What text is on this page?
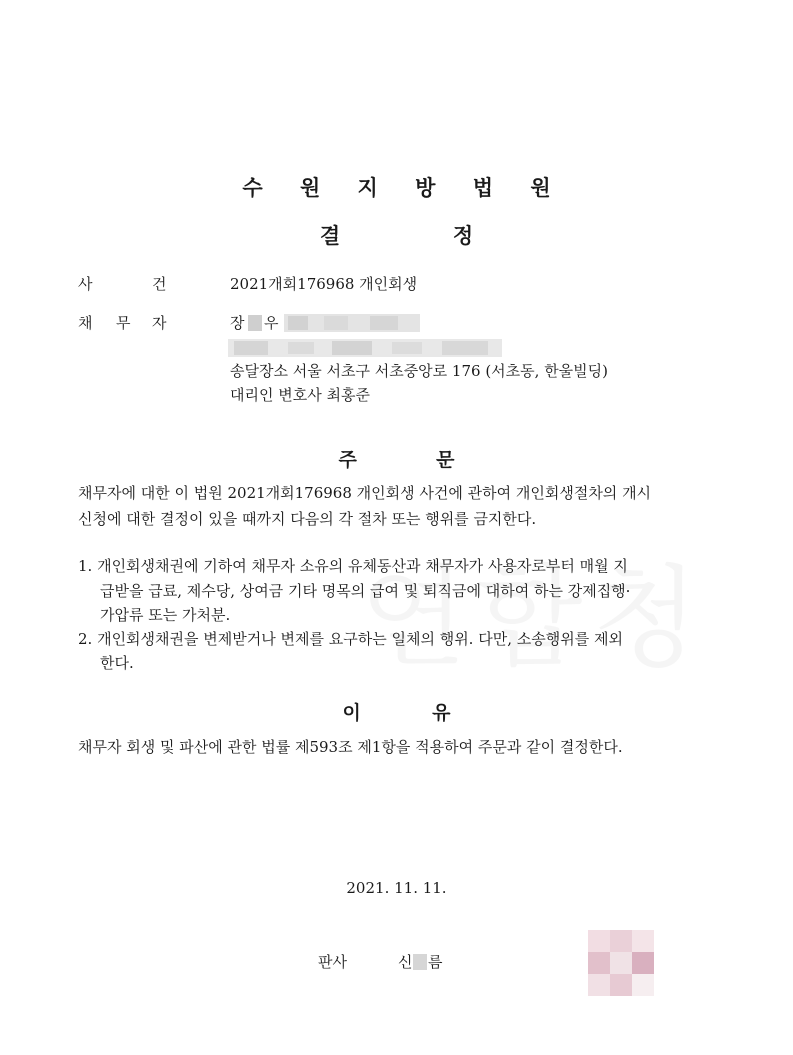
수 원 지 방 법 원
결	정
사	건	2021개회176968 개인회생
채 무 자	장 우
송달장소 서울 서초구 서초중앙로 176 (서초동, 한울빌딩)
대리인 변호사 최홍준
주	문
채무자에 대한 이 법원 2021개회176968 개인회생 사건에 관하여 개인회생절차의 개시
신청에 대한 결정이 있을 때까지 다음의 각 절차 또는 행위를 금지한다.
1. 개인회생채권에 기하여 채무자 소유의 유체동산과 채무자가 사용자로부터 매월 지
급받을 급료, 제수당, 상여금 기타 명목의 급여 및 퇴직금에 대하여 하는 강제집행·
가압류 또는 가처분.
2. 개인회생채권을 변제받거나 변제를 요구하는 일체의 행위. 다만, 소송행위를 제외
한다.
이	유
채무자 회생 및 파산에 관한 법률 제593조 제1항을 적용하여 주문과 같이 결정한다.
2021. 11. 11.
판사	신 름
